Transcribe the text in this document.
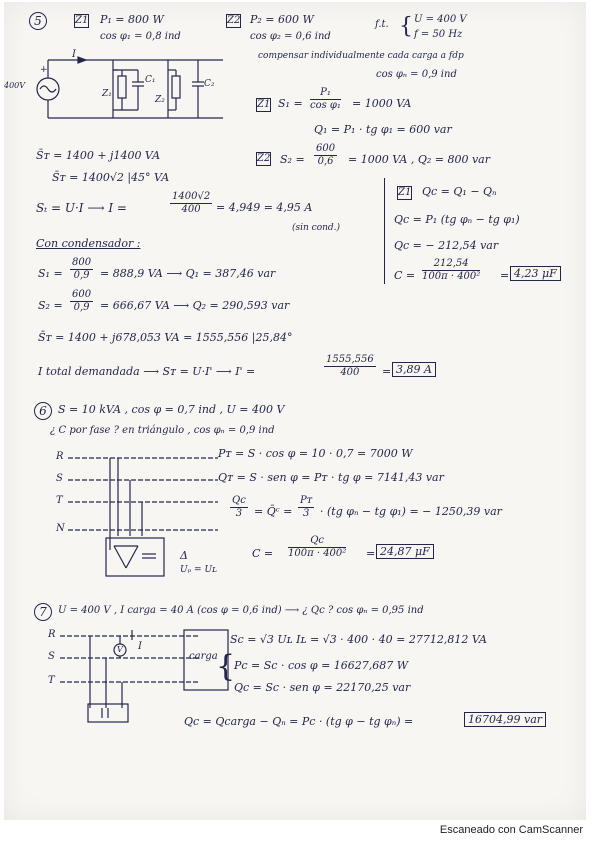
5	Z1 P₁ = 800 W
cos φ₁ = 0,8 ind
Z2 P₂ = 600 W
cos φ₂ = 0,6 ind
f.t. { U = 400 V
f = 50 Hz
compensar individualmente cada carga a fdp
cos φₙ = 0,9 ind
I
400V
+
Z₁
C₁
Z₂
C₂
Z1 $S_1 = \frac{\text{P₁}}{\text{cos φ₁}} = 1000$ VA
Q₁ = P₁ · tg φ₁ = 600 var
Z2 $S_2 = \frac{600}{0,6} = 1000$ VA , Q₂ = 800 var
S̄ᴛ = 1400 + j1400 VA
S̄ᴛ = 1400√2 |45° VA
Sₜ = U·I ⟶ I =	$\frac{1400√2}{400} = 4,949 = 4,95$ A
(sin cond.)
Z1 Qc = Q₁ − Qₙ
Qc = P₁ (tg φₙ − tg φ₁)
Qc = − 212,54 var
$C = \frac{212,54}{\text{100π · 400²}} = 4,23$ μF
Con condensador :
$S_1 = \frac{800}{0,9} = 888,9$ VA ⟶ Q₁ = 387,46 var
$S_2 = \frac{600}{0,9} = 666,67$ VA ⟶ Q₂ = 290,593 var
S̄ᴛ = 1400 + j678,053 VA = 1555,556 |25,84°
I total demandada ⟶ Sᴛ = U·I' ⟶ I' =	$\frac{1555,556}{400} = 3,89$ A
6	S = 10 kVA , cos φ = 0,7 ind , U = 400 V
¿ C por fase ? en triángulo , cos φₙ = 0,9 ind
R
S
T
N
Δ
Uₚ = Uʟ
Pᴛ = S · cos φ = 10 · 0,7 = 7000 W
Qᴛ = S · sen φ = Pᴛ · tg φ = 7141,43 var
$\frac{Qc}{3}$ = Q̄ᶜ = $\frac{\text{Pᴛ}}{3} \cdot (tg$ φₙ − tg φ₁) = − 1250,39 var
$C = \frac{Qc}{\text{100π · 400²}} = 24,87$ μF
7	U = 400 V , I carga = 40 A (cos φ = 0,6 ind) ⟶ ¿ Qc ? cos φₙ = 0,95 ind
R
S
T
V I
carga
Sc = √3 Uʟ Iʟ = √3 · 400 · 40 = 27712,812 VA
{
Pc = Sc · cos φ = 16627,687 W
Qc = Sc · sen φ = 22170,25 var
Qc = Qcarga − Qₙ = Pc · (tg φ − tg φₙ) =	16704,99 var
Escaneado con CamScanner
